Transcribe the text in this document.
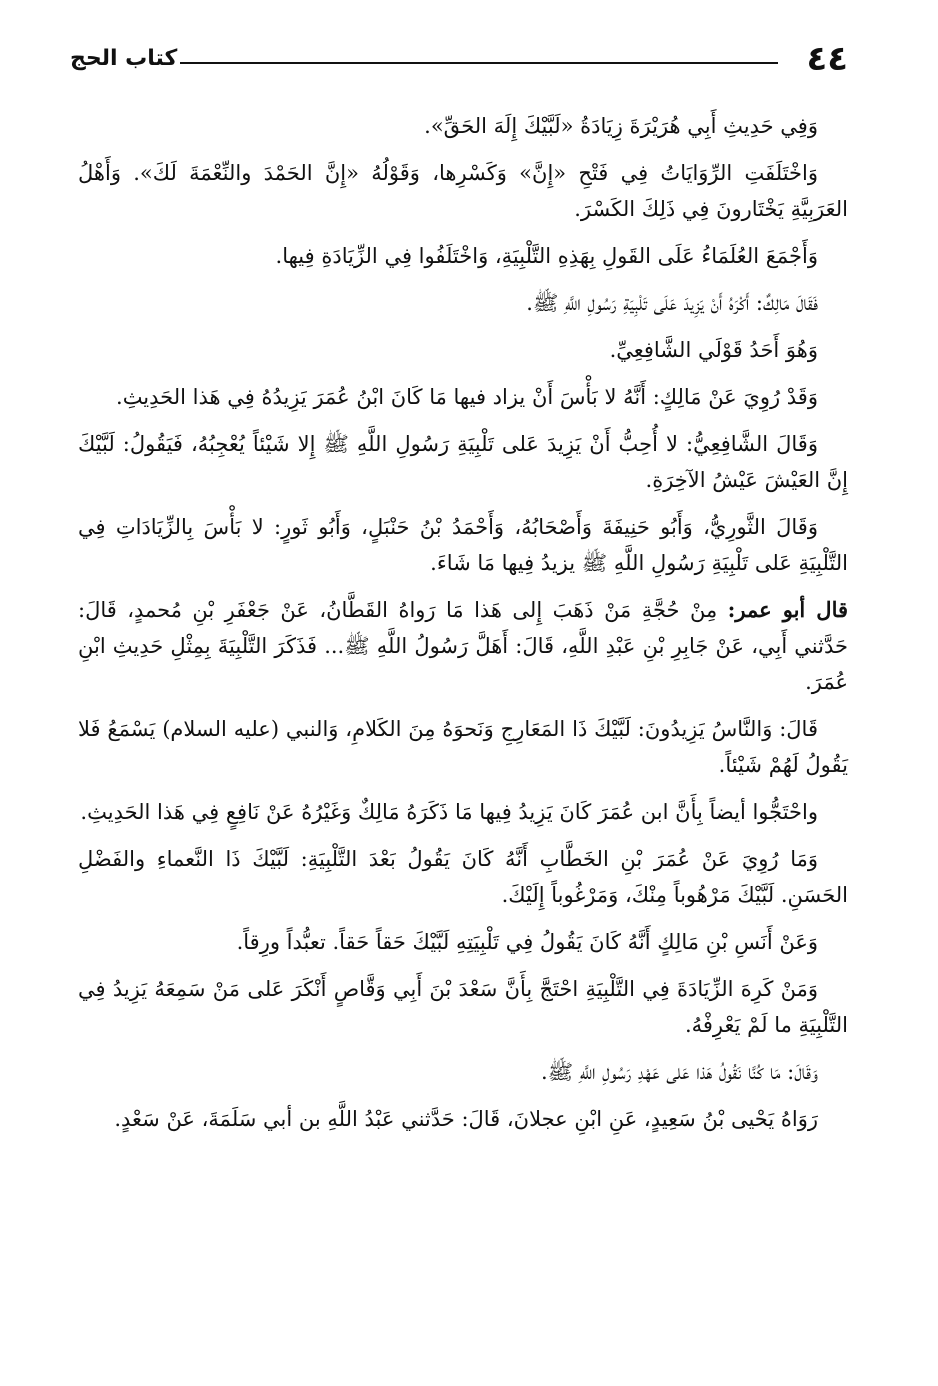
٤٤
كتاب الحج

وَفِي حَدِيثِ أَبِي هُرَيْرَةَ زِيَادَةُ «لَبَّيْكَ إِلَهَ الحَقِّ».

وَاخْتَلَفَتِ الرِّوَايَاتُ فِي فَتْحِ «إِنَّ» وَكَسْرِها، وَقَوْلُهُ «إِنَّ الحَمْدَ والنِّعْمَةَ لَكَ». وَأَهْلُ العَرَبِيَّةِ يَخْتَارونَ فِي ذَلِكَ الكَسْرَ.

وَأَجْمَعَ العُلَمَاءُ عَلَى القَولِ بِهَذِهِ التَّلْبِيَةِ، وَاخْتَلَفُوا فِي الزِّيَادَةِ فِيها.

فَقَالَ مَالِكٌ: أَكْرَهُ أَنْ يَزِيدَ عَلَى تَلْبِيَةِ رَسُولِ اللَّهِ ﷺ.

وَهُوَ أَحَدُ قَوْلَي الشَّافِعِيِّ.

وَقَدْ رُوِيَ عَنْ مَالِكٍ: أَنَّهُ لا بَأْسَ أَنْ يزاد فيها مَا كَانَ ابْنُ عُمَرَ يَزِيدُهُ فِي هَذا الحَدِيثِ.

وَقَالَ الشَّافِعِيُّ: لا أُحِبُّ أَنْ يَزِيدَ عَلى تَلْبِيَةِ رَسُولِ اللَّهِ ﷺ إِلا شَيْئاً يُعْجِبُهُ، فَيَقُولُ: لَبَّيْكَ إِنَّ العَيْشَ عَيْشُ الآخِرَةِ.

وَقَالَ الثَّورِيُّ، وَأَبُو حَنِيفَةَ وَأَصْحَابُهُ، وَأَحْمَدُ بْنُ حَنْبَلٍ، وَأَبُو ثَورٍ: لا بَأْسَ بِالزِّيَادَاتِ فِي التَّلْبِيَةِ عَلى تَلْبِيَةِ رَسُولِ اللَّهِ ﷺ يزيدُ فِيها مَا شَاءَ.

قال أبو عمر: مِنْ حُجَّةِ مَنْ ذَهَبَ إِلى هَذا مَا رَواهُ القَطَّانُ، عَنْ جَعْفَرِ بْنِ مُحمدٍ، قَالَ: حَدَّثني أَبِي، عَنْ جَابِرِ بْنِ عَبْدِ اللَّهِ، قَالَ: أَهَلَّ رَسُولُ اللَّهِ ﷺ... فَذَكَرَ التَّلْبِيَةَ بِمِثْلِ حَدِيثِ ابْنِ عُمَرَ.

قَالَ: وَالنَّاسُ يَزِيدُونَ: لَبَّيْكَ ذَا المَعَارِجِ وَنَحوَهُ مِنَ الكَلامِ، وَالنبي (عليه السلام) يَسْمَعُ فَلا يَقُولُ لَهُمْ شَيْئاً.

واحْتَجُّوا أيضاً بِأَنَّ ابن عُمَرَ كَانَ يَزِيدُ فِيها مَا ذَكَرَهُ مَالِكٌ وَغَيْرُهُ عَنْ نَافِعٍ فِي هَذا الحَدِيثِ.

وَمَا رُوِيَ عَنْ عُمَرَ بْنِ الخَطَّابِ أَنَّهُ كَانَ يَقُولُ بَعْدَ التَّلْبِيَةِ: لَبَّيْكَ ذَا النَّعماءِ والفَضْلِ الحَسَنِ. لَبَّيْكَ مَرْهُوباً مِنْكَ، وَمَرْغُوباً إِلَيْكَ.

وَعَنْ أَنَسِ بْنِ مَالِكٍ أَنَّهُ كَانَ يَقُولُ فِي تَلْبِيَتِهِ لَبَّيْكَ حَقاً حَقاً. تعبُّداً ورِقاً.

وَمَنْ كَرِهَ الزِّيَادَةَ فِي التَّلْبِيَةِ احْتَجَّ بِأَنَّ سَعْدَ بْنَ أَبِي وَقَّاصٍ أَنْكَرَ عَلى مَنْ سَمِعَهُ يَزِيدُ فِي التَّلْبِيَةِ ما لَمْ يَعْرِفْهُ.

وَقَالَ: مَا كُنَّا نَقُولُ هَذا عَلى عَهْدِ رَسُولِ اللَّهِ ﷺ.

رَوَاهُ يَحْيى بْنُ سَعِيدٍ، عَنِ ابْنِ عجلانَ، قَالَ: حَدَّثني عَبْدُ اللَّهِ بن أبي سَلَمَةَ، عَنْ سَعْدٍ.
